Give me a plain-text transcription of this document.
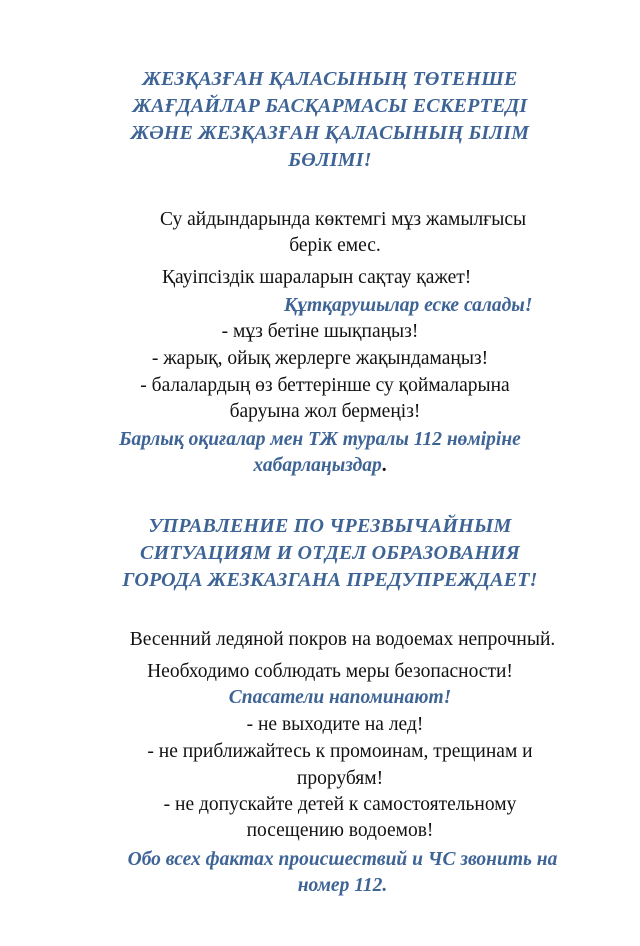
ЖЕЗҚАЗҒАН ҚАЛАСЫНЫҢ ТӨТЕНШЕ
ЖАҒДАЙЛАР БАСҚАРМАСЫ ЕСКЕРТЕДІ
ЖӘНЕ ЖЕЗҚАЗҒАН ҚАЛАСЫНЫҢ БІЛІМ
БӨЛІМІ!
Су айдындарында көктемгі мұз жамылғысы
берік емес.
Қауіпсіздік шараларын сақтау қажет!
Құтқарушылар еске салады!
- мұз бетіне шықпаңыз!
- жарық, ойық жерлерге жақындамаңыз!
- балалардың өз беттерінше су қоймаларына
баруына жол бермеңіз!
Барлық оқиғалар мен ТЖ туралы 112 нөміріне
хабарлаңыздар.
УПРАВЛЕНИЕ ПО ЧРЕЗВЫЧАЙНЫМ
СИТУАЦИЯМ И ОТДЕЛ ОБРАЗОВАНИЯ
ГОРОДА ЖЕЗКАЗГАНА ПРЕДУПРЕЖДАЕТ!
Весенний ледяной покров на водоемах непрочный.
Необходимо соблюдать меры безопасности!
Спасатели напоминают!
- не выходите на лед!
- не приближайтесь к промоинам, трещинам и
прорубям!
- не допускайте детей к самостоятельному
посещению водоемов!
Обо всех фактах происшествий и ЧС звонить на
номер 112.
